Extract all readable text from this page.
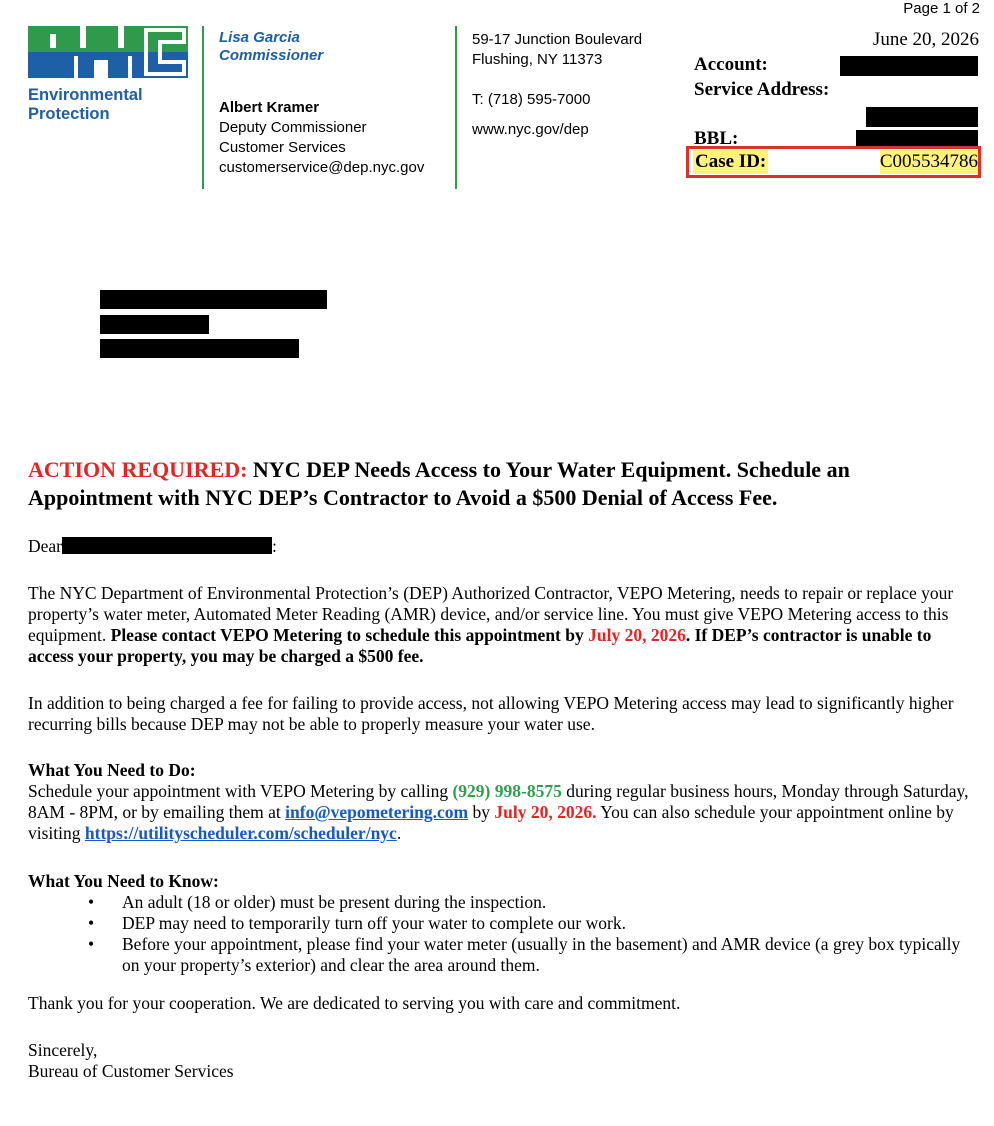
Page 1 of 2
June 20, 2026
Environmental
Protection
Lisa Garcia
Commissioner
Albert Kramer
Deputy Commissioner
Customer Services
customerservice@dep.nyc.gov
59-17 Junction Boulevard
Flushing, NY 11373
T: (718) 595-7000
www.nyc.gov/dep
Account:
Service Address:
BBL:
Case ID:	C005534786
ACTION REQUIRED: NYC DEP Needs Access to Your Water Equipment. Schedule an Appointment with NYC DEP’s Contractor to Avoid a $500 Denial of Access Fee.
Dear	:
The NYC Department of Environmental Protection’s (DEP) Authorized Contractor, VEPO Metering, needs to repair or replace your property’s water meter, Automated Meter Reading (AMR) device, and/or service line. You must give VEPO Metering access to this equipment. Please contact VEPO Metering to schedule this appointment by July 20, 2026. If DEP’s contractor is unable to access your property, you may be charged a $500 fee.
In addition to being charged a fee for failing to provide access, not allowing VEPO Metering access may lead to significantly higher recurring bills because DEP may not be able to properly measure your water use.
What You Need to Do:
Schedule your appointment with VEPO Metering by calling (929) 998-8575 during regular business hours, Monday through Saturday, 8AM - 8PM, or by emailing them at info@vepometering.com by July 20, 2026. You can also schedule your appointment online by visiting https://utilityscheduler.com/scheduler/nyc.
What You Need to Know:
• An adult (18 or older) must be present during the inspection.
• DEP may need to temporarily turn off your water to complete our work.
• Before your appointment, please find your water meter (usually in the basement) and AMR device (a grey box typically on your property’s exterior) and clear the area around them.
Thank you for your cooperation. We are dedicated to serving you with care and commitment.
Sincerely,
Bureau of Customer Services
